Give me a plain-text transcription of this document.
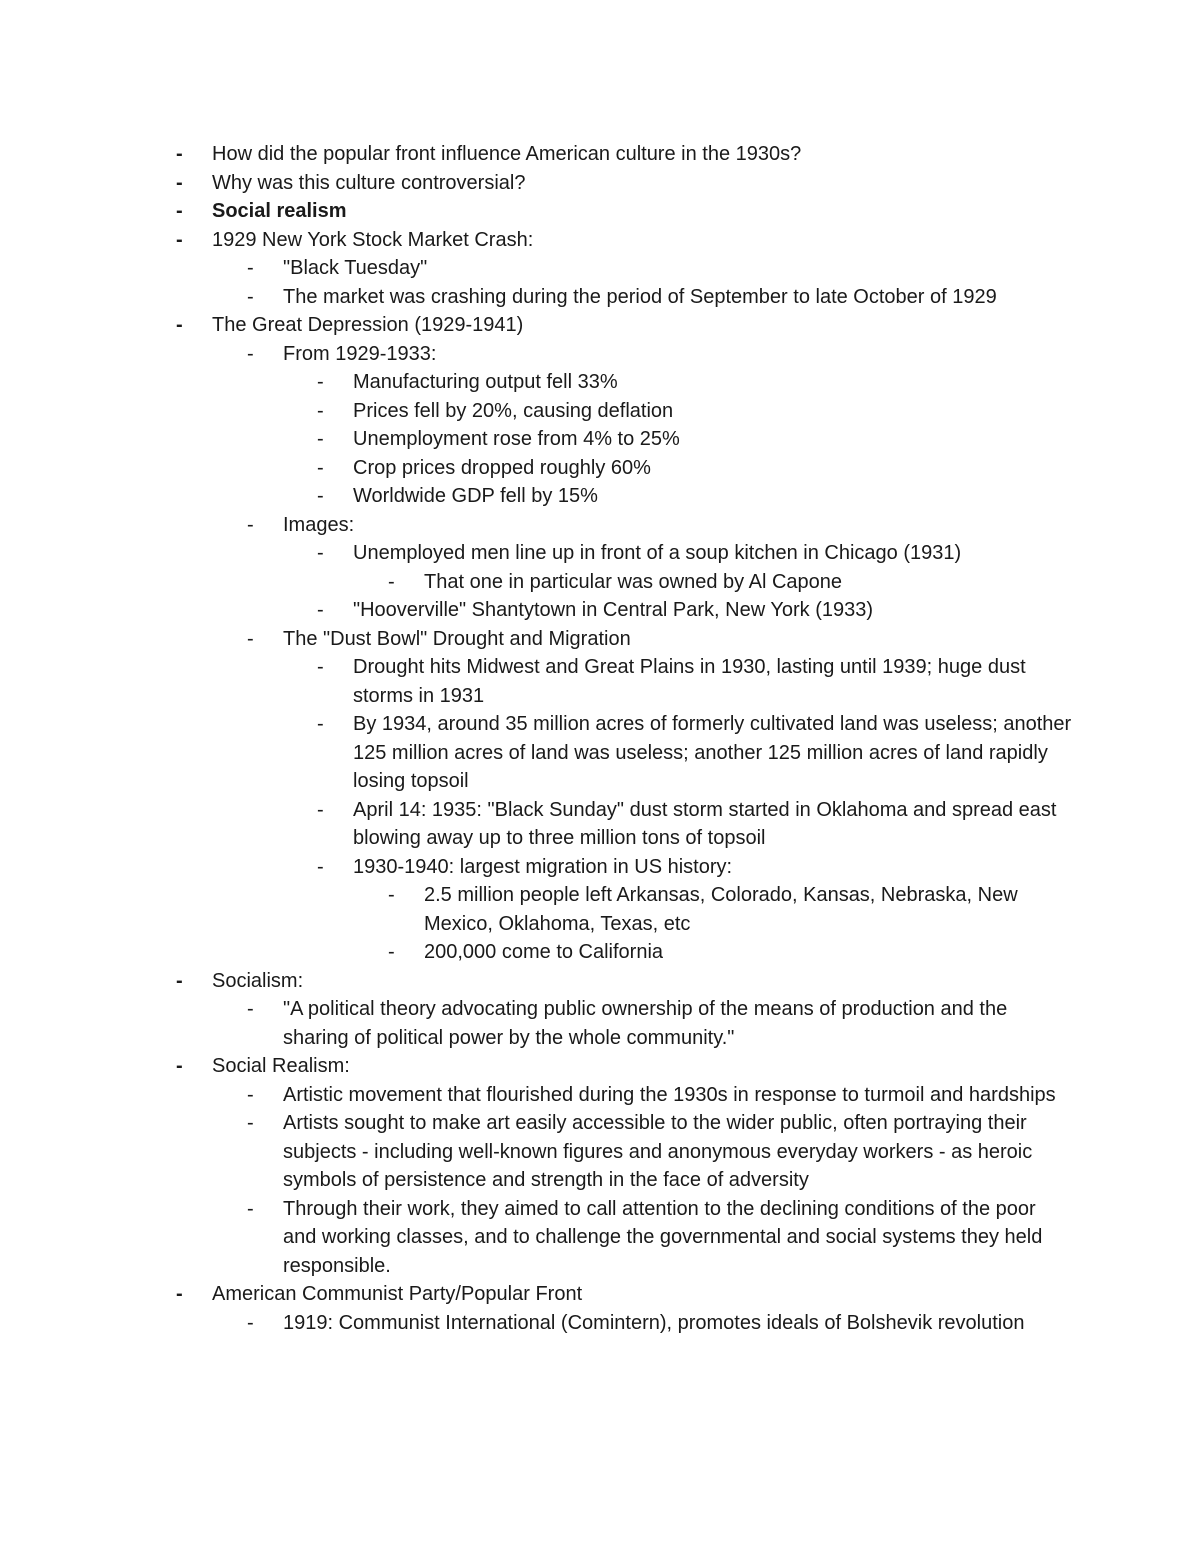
-	How did the popular front influence American culture in the 1930s?
-	Why was this culture controversial?
-	Social realism
-	1929 New York Stock Market Crash:
-	"Black Tuesday"
-	The market was crashing during the period of September to late October of 1929
-	The Great Depression (1929-1941)
-	From 1929-1933:
-	Manufacturing output fell 33%
-	Prices fell by 20%, causing deflation
-	Unemployment rose from 4% to 25%
-	Crop prices dropped roughly 60%
-	Worldwide GDP fell by 15%
-	Images:
-	Unemployed men line up in front of a soup kitchen in Chicago (1931)
-	That one in particular was owned by Al Capone
-	"Hooverville" Shantytown in Central Park, New York (1933)
-	The "Dust Bowl" Drought and Migration
-	Drought hits Midwest and Great Plains in 1930, lasting until 1939; huge dust storms in 1931
-	By 1934, around 35 million acres of formerly cultivated land was useless; another 125 million acres of land was useless; another 125 million acres of land rapidly losing topsoil
-	April 14: 1935: "Black Sunday" dust storm started in Oklahoma and spread east blowing away up to three million tons of topsoil
-	1930-1940: largest migration in US history:
-	2.5 million people left Arkansas, Colorado, Kansas, Nebraska, New Mexico, Oklahoma, Texas, etc
-	200,000 come to California
-	Socialism:
-	"A political theory advocating public ownership of the means of production and the sharing of political power by the whole community."
-	Social Realism:
-	Artistic movement that flourished during the 1930s in response to turmoil and hardships
-	Artists sought to make art easily accessible to the wider public, often portraying their subjects - including well-known figures and anonymous everyday workers - as heroic symbols of persistence and strength in the face of adversity
-	Through their work, they aimed to call attention to the declining conditions of the poor and working classes, and to challenge the governmental and social systems they held responsible.
-	American Communist Party/Popular Front
-	1919: Communist International (Comintern), promotes ideals of Bolshevik revolution
